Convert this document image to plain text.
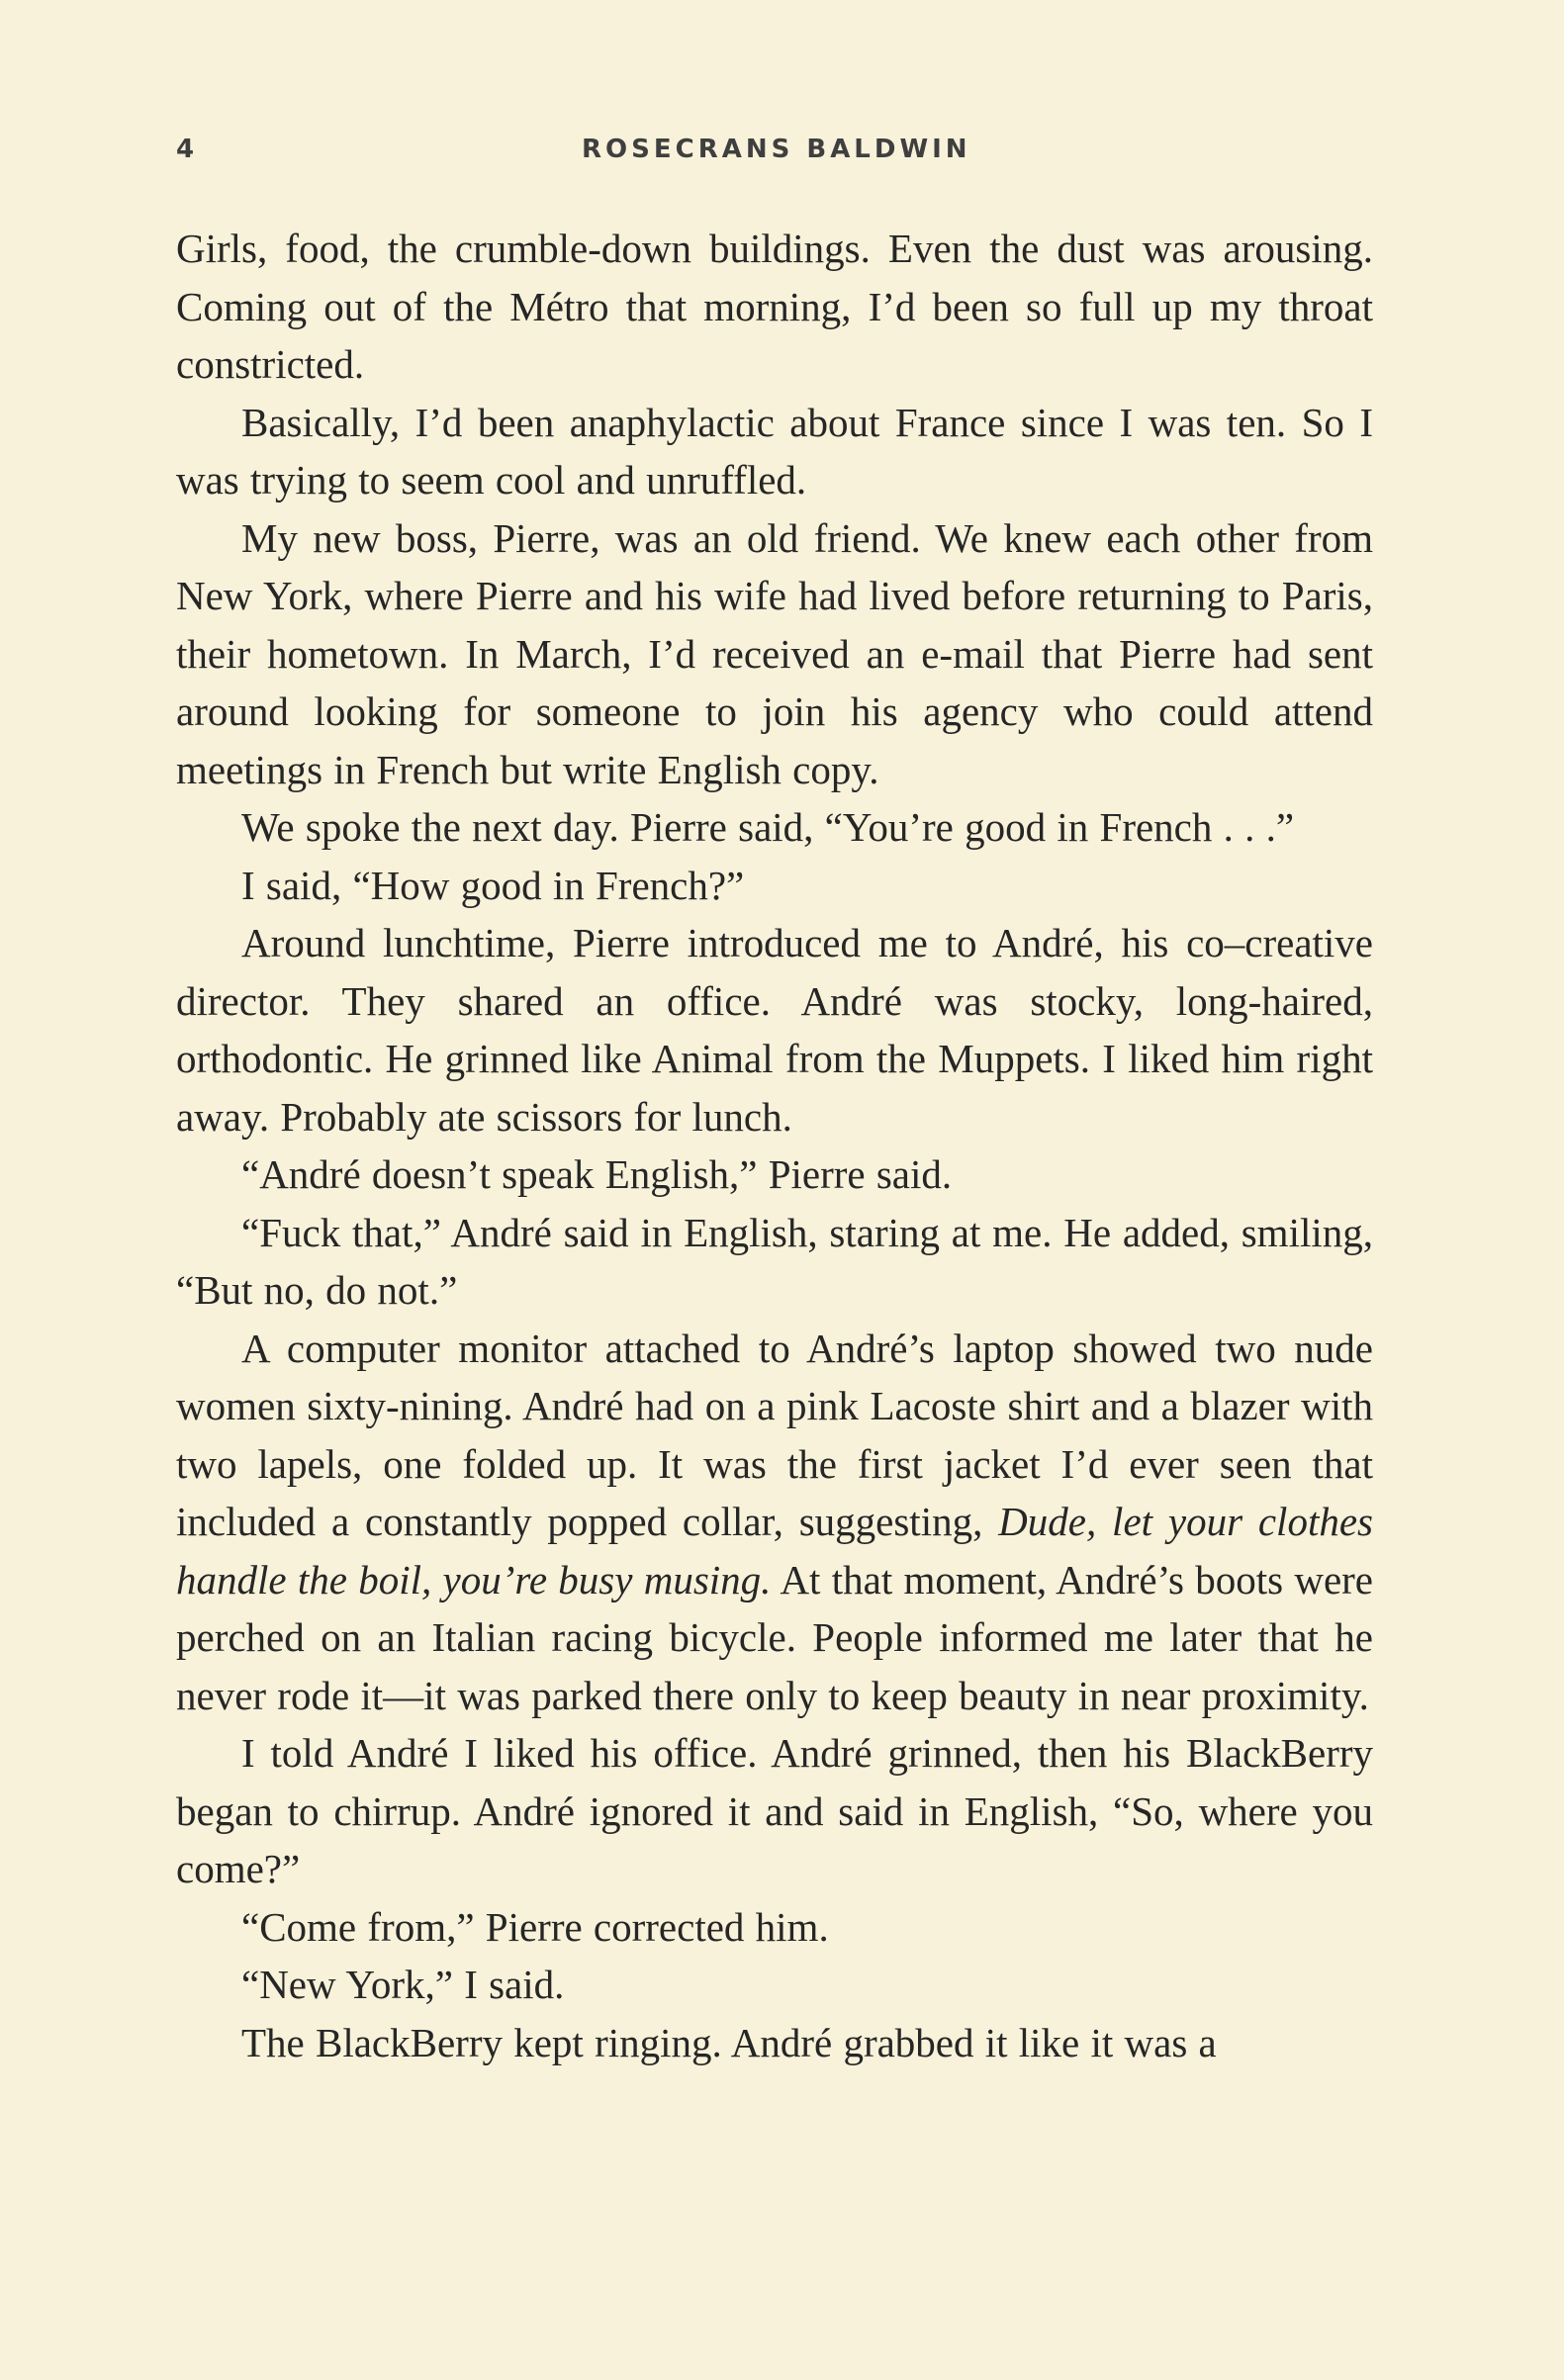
4	ROSECRANS BALDWIN

Girls, food, the crumble-down buildings. Even the dust was arousing. Coming out of the Métro that morning, I’d been so full up my throat constricted.

Basically, I’d been anaphylactic about France since I was ten. So I was trying to seem cool and unruffled.

My new boss, Pierre, was an old friend. We knew each other from New York, where Pierre and his wife had lived before returning to Paris, their hometown. In March, I’d received an e-mail that Pierre had sent around looking for someone to join his agency who could attend meetings in French but write English copy.

We spoke the next day. Pierre said, “You’re good in French . . .”

I said, “How good in French?”

Around lunchtime, Pierre introduced me to André, his co–creative director. They shared an office. André was stocky, long-haired, orthodontic. He grinned like Animal from the Muppets. I liked him right away. Probably ate scissors for lunch.

“André doesn’t speak English,” Pierre said.

“Fuck that,” André said in English, staring at me. He added, smiling, “But no, do not.”

A computer monitor attached to André’s laptop showed two nude women sixty-nining. André had on a pink Lacoste shirt and a blazer with two lapels, one folded up. It was the first jacket I’d ever seen that included a constantly popped collar, suggesting, Dude, let your clothes handle the boil, you’re busy musing. At that moment, André’s boots were perched on an Italian racing bicycle. People informed me later that he never rode it—it was parked there only to keep beauty in near proximity.

I told André I liked his office. André grinned, then his BlackBerry began to chirrup. André ignored it and said in English, “So, where you come?”

“Come from,” Pierre corrected him.

“New York,” I said.

The BlackBerry kept ringing. André grabbed it like it was a
